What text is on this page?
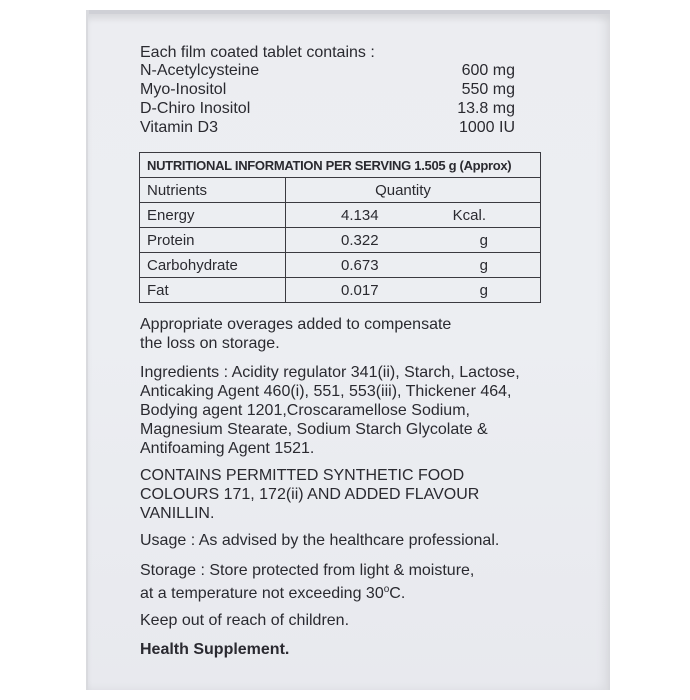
Each film coated tablet contains :
N-Acetylcysteine	600 mg
Myo-Inositol	550 mg
D-Chiro Inositol	13.8 mg
Vitamin D3	1000 IU
NUTRITIONAL INFORMATION PER SERVING 1.505 g (Approx)	
Nutrients	Quantity

Energy	4.134 Kcal.

Protein	0.322 g

Carbohydrate	0.673 g

Fat	0.017 g
Appropriate overages added to compensate
the loss on storage.
Ingredients : Acidity regulator 341(ii), Starch, Lactose,
Anticaking Agent 460(i), 551, 553(iii), Thickener 464,
Bodying agent 1201,Croscaramellose Sodium,
Magnesium Stearate, Sodium Starch Glycolate &
Antifoaming Agent 1521.
CONTAINS PERMITTED SYNTHETIC FOOD
COLOURS 171, 172(ii) AND ADDED FLAVOUR
VANILLIN.
Usage : As advised by the healthcare professional.
Storage : Store protected from light & moisture,
at a temperature not exceeding 30$^o$C.
Keep out of reach of children.
Health Supplement.
